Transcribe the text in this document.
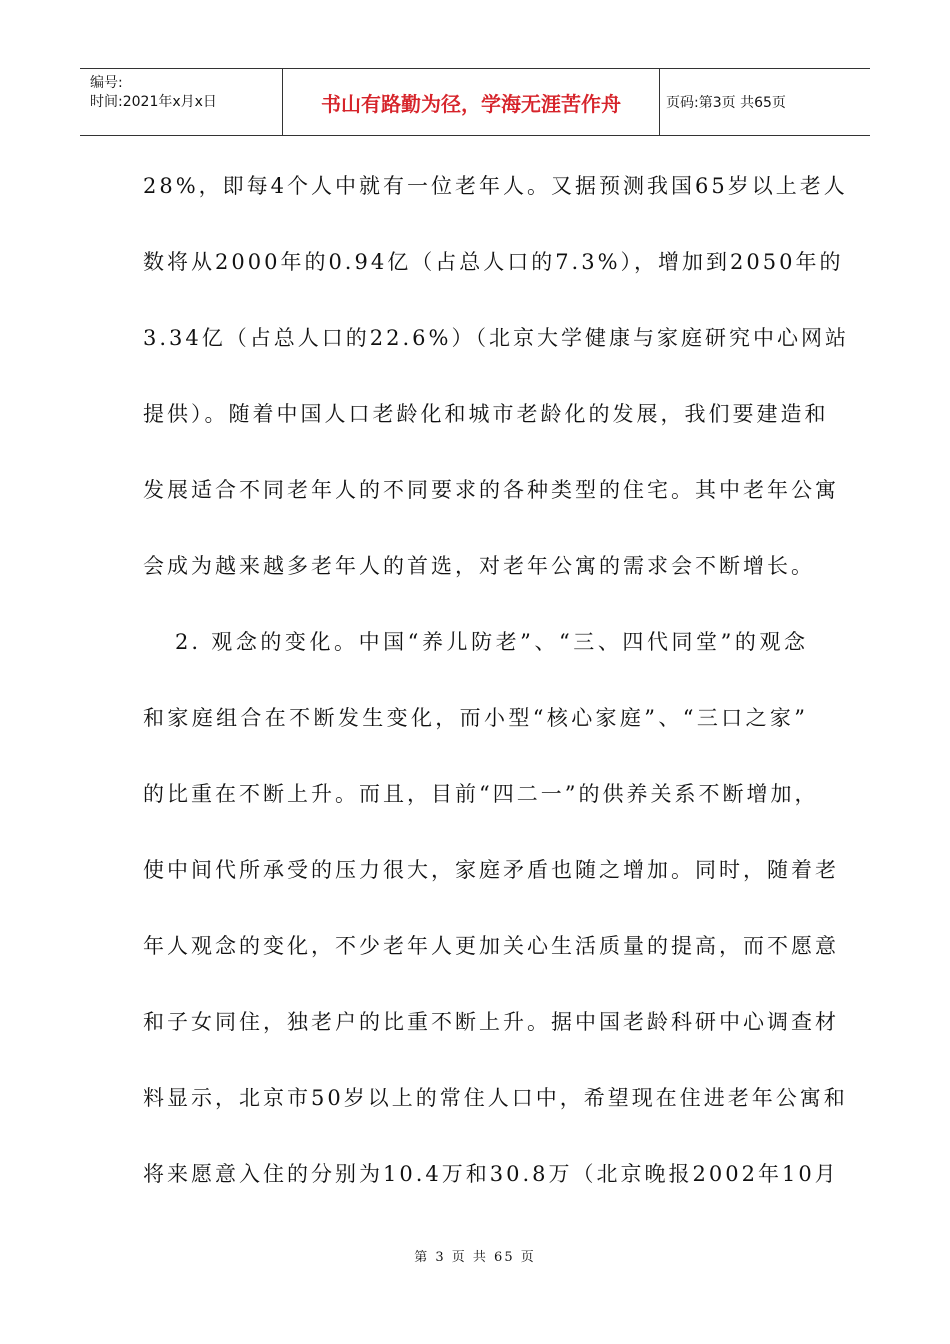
编号:
时间:2021年x月x日	书山有路勤为径，学海无涯苦作舟	页码:第3页 共65页
28%，即每4个人中就有一位老年人。又据预测我国65岁以上老人
数将从2000年的0.94亿（占总人口的7.3%），增加到2050年的
3.34亿（占总人口的22.6%）（北京大学健康与家庭研究中心网站
提供）。随着中国人口老龄化和城市老龄化的发展，我们要建造和
发展适合不同老年人的不同要求的各种类型的住宅。其中老年公寓
会成为越来越多老年人的首选，对老年公寓的需求会不断增长。
2. 观念的变化。中国“养儿防老”、“三、四代同堂”的观念
和家庭组合在不断发生变化，而小型“核心家庭”、“三口之家”
的比重在不断上升。而且，目前“四二一”的供养关系不断增加，
使中间代所承受的压力很大，家庭矛盾也随之增加。同时，随着老
年人观念的变化，不少老年人更加关心生活质量的提高，而不愿意
和子女同住，独老户的比重不断上升。据中国老龄科研中心调查材
料显示，北京市50岁以上的常住人口中，希望现在住进老年公寓和
将来愿意入住的分别为10.4万和30.8万（北京晚报2002年10月
第 3 页 共 65 页
